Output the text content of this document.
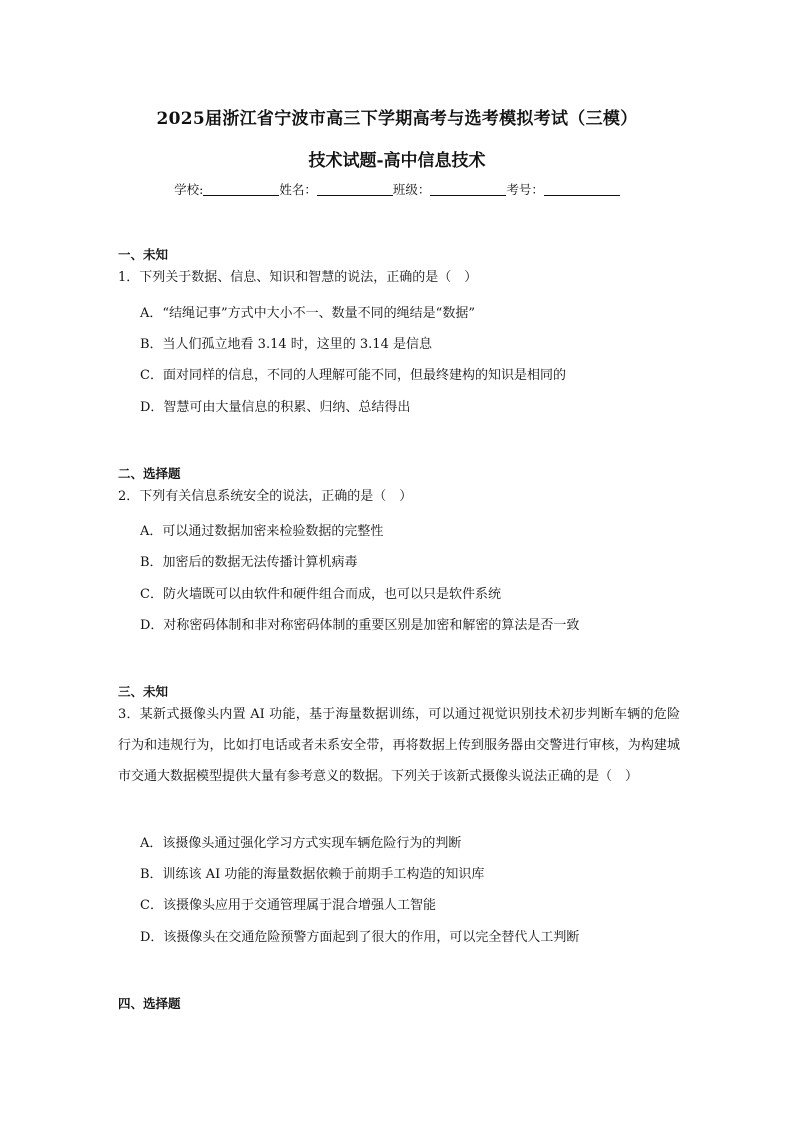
2025届浙江省宁波市高三下学期高考与选考模拟考试（三模）
技术试题-高中信息技术
学校:	姓名：	班级：	考号：
一、未知
1．下列关于数据、信息、知识和智慧的说法，正确的是（　）
A．“结绳记事”方式中大小不一、数量不同的绳结是“数据”
B．当人们孤立地看 3.14 时，这里的 3.14 是信息
C．面对同样的信息，不同的人理解可能不同，但最终建构的知识是相同的
D．智慧可由大量信息的积累、归纳、总结得出
二、选择题
2．下列有关信息系统安全的说法，正确的是（　）
A．可以通过数据加密来检验数据的完整性
B．加密后的数据无法传播计算机病毒
C．防火墙既可以由软件和硬件组合而成，也可以只是软件系统
D．对称密码体制和非对称密码体制的重要区别是加密和解密的算法是否一致
三、未知
3．某新式摄像头内置 AI 功能，基于海量数据训练，可以通过视觉识别技术初步判断车辆的危险行为和违规行为，比如打电话或者未系安全带，再将数据上传到服务器由交警进行审核，为构建城市交通大数据模型提供大量有参考意义的数据。下列关于该新式摄像头说法正确的是（　）
A．该摄像头通过强化学习方式实现车辆危险行为的判断
B．训练该 AI 功能的海量数据依赖于前期手工构造的知识库
C．该摄像头应用于交通管理属于混合增强人工智能
D．该摄像头在交通危险预警方面起到了很大的作用，可以完全替代人工判断
四、选择题
